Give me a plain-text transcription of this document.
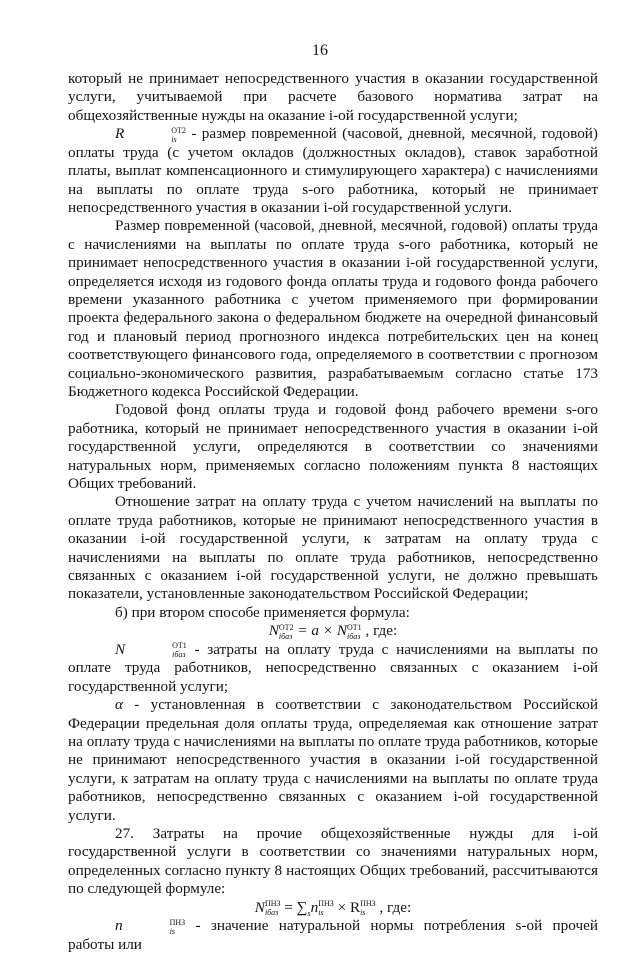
16

который не принимает непосредственного участия в оказании государственной услуги, учитываемой при расчете базового норматива затрат на общехозяйственные нужды на оказание i-ой государственной услуги;

R	ОТ2
is - размер повременной (часовой, дневной, месячной, годовой) оплаты труда (с учетом окладов (должностных окладов), ставок заработной платы, выплат компенсационного и стимулирующего характера) с начислениями на выплаты по оплате труда s-ого работника, который не принимает непосредственного участия в оказании i-ой государственной услуги.

Размер повременной (часовой, дневной, месячной, годовой) оплаты труда с начислениями на выплаты по оплате труда s-ого работника, который не принимает непосредственного участия в оказании i-ой государственной услуги, определяется исходя из годового фонда оплаты труда и годового фонда рабочего времени указанного работника с учетом применяемого при формировании проекта федерального закона о федеральном бюджете на очередной финансовый год и плановый период прогнозного индекса потребительских цен на конец соответствующего финансового года, определяемого в соответствии с прогнозом социально-экономического развития, разрабатываемым согласно статье 173 Бюджетного кодекса Российской Федерации.

Годовой фонд оплаты труда и годовой фонд рабочего времени s-ого работника, который не принимает непосредственного участия в оказании i-ой государственной услуги, определяются в соответствии со значениями натуральных норм, применяемых согласно положениям пункта 8 настоящих Общих требований.

Отношение затрат на оплату труда с учетом начислений на выплаты по оплате труда работников, которые не принимают непосредственного участия в оказании i-ой государственной услуги, к затратам на оплату труда с начислениями на выплаты по оплате труда работников, непосредственно связанных с оказанием i-ой государственной услуги, не должно превышать показатели, установленные законодательством Российской Федерации;

б) при втором способе применяется формула:

N ОТ2
iбаз = a × N ОТ1
iбаз , где:

N	ОТ1
iбаз - затраты на оплату труда с начислениями на выплаты по оплате труда работников, непосредственно связанных с оказанием i-ой государственной услуги;

α - установленная в соответствии с законодательством Российской Федерации предельная доля оплаты труда, определяемая как отношение затрат на оплату труда с начислениями на выплаты по оплате труда работников, которые не принимают непосредственного участия в оказании i-ой государственной услуги, к затратам на оплату труда с начислениями на выплаты по оплате труда работников, непосредственно связанных с оказанием i-ой государственной услуги.

27. Затраты на прочие общехозяйственные нужды для i-ой государственной услуги в соответствии со значениями натуральных норм, определенных согласно пункту 8 настоящих Общих требований, рассчитываются по следующей формуле:

N ПНЗ
iбаз = $\sum_sn$ ПНЗ
is × R ПНЗ
is , где:

n	ПНЗ
is - значение натуральной нормы потребления s-ой прочей работы или
